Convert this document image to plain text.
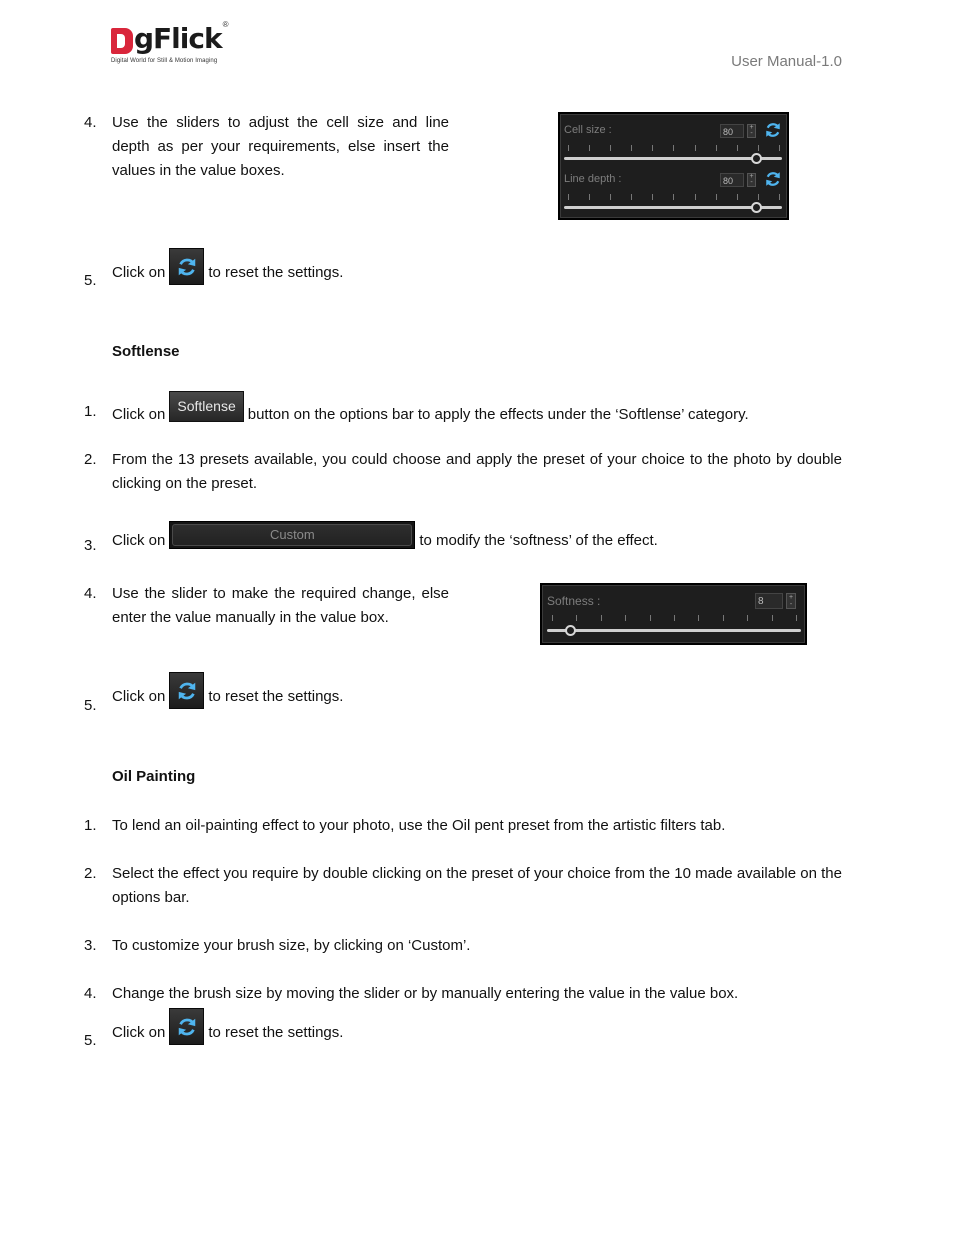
gFlick ®
Digital World for Still & Motion Imaging	User Manual-1.0
4. Use the sliders to adjust the cell size and line depth as per your requirements, else insert the values in the value boxes.
Cell size :	80	+
-
Line depth :	80	+
-
5. Click on	to reset the settings.
Softlense
1. Click on Softlense button on the options bar to apply the effects under the ‘Softlense’ category.
2. From the 13 presets available, you could choose and apply the preset of your choice to the photo by double clicking on the preset.
3. Click on	Custom	to modify the ‘softness’ of the effect.
4. Use the slider to make the required change, else enter the value manually in the value box.
Softness :	8	+
-
5.
Click on	to reset the settings.
Oil Painting
1. To lend an oil-painting effect to your photo, use the Oil pent preset from the artistic filters tab.
2. Select the effect you require by double clicking on the preset of your choice from the 10 made available on the options bar.
3. To customize your brush size, by clicking on ‘Custom’.
4. Change the brush size by moving the slider or by manually entering the value in the value box.
5. Click on	to reset the settings.
